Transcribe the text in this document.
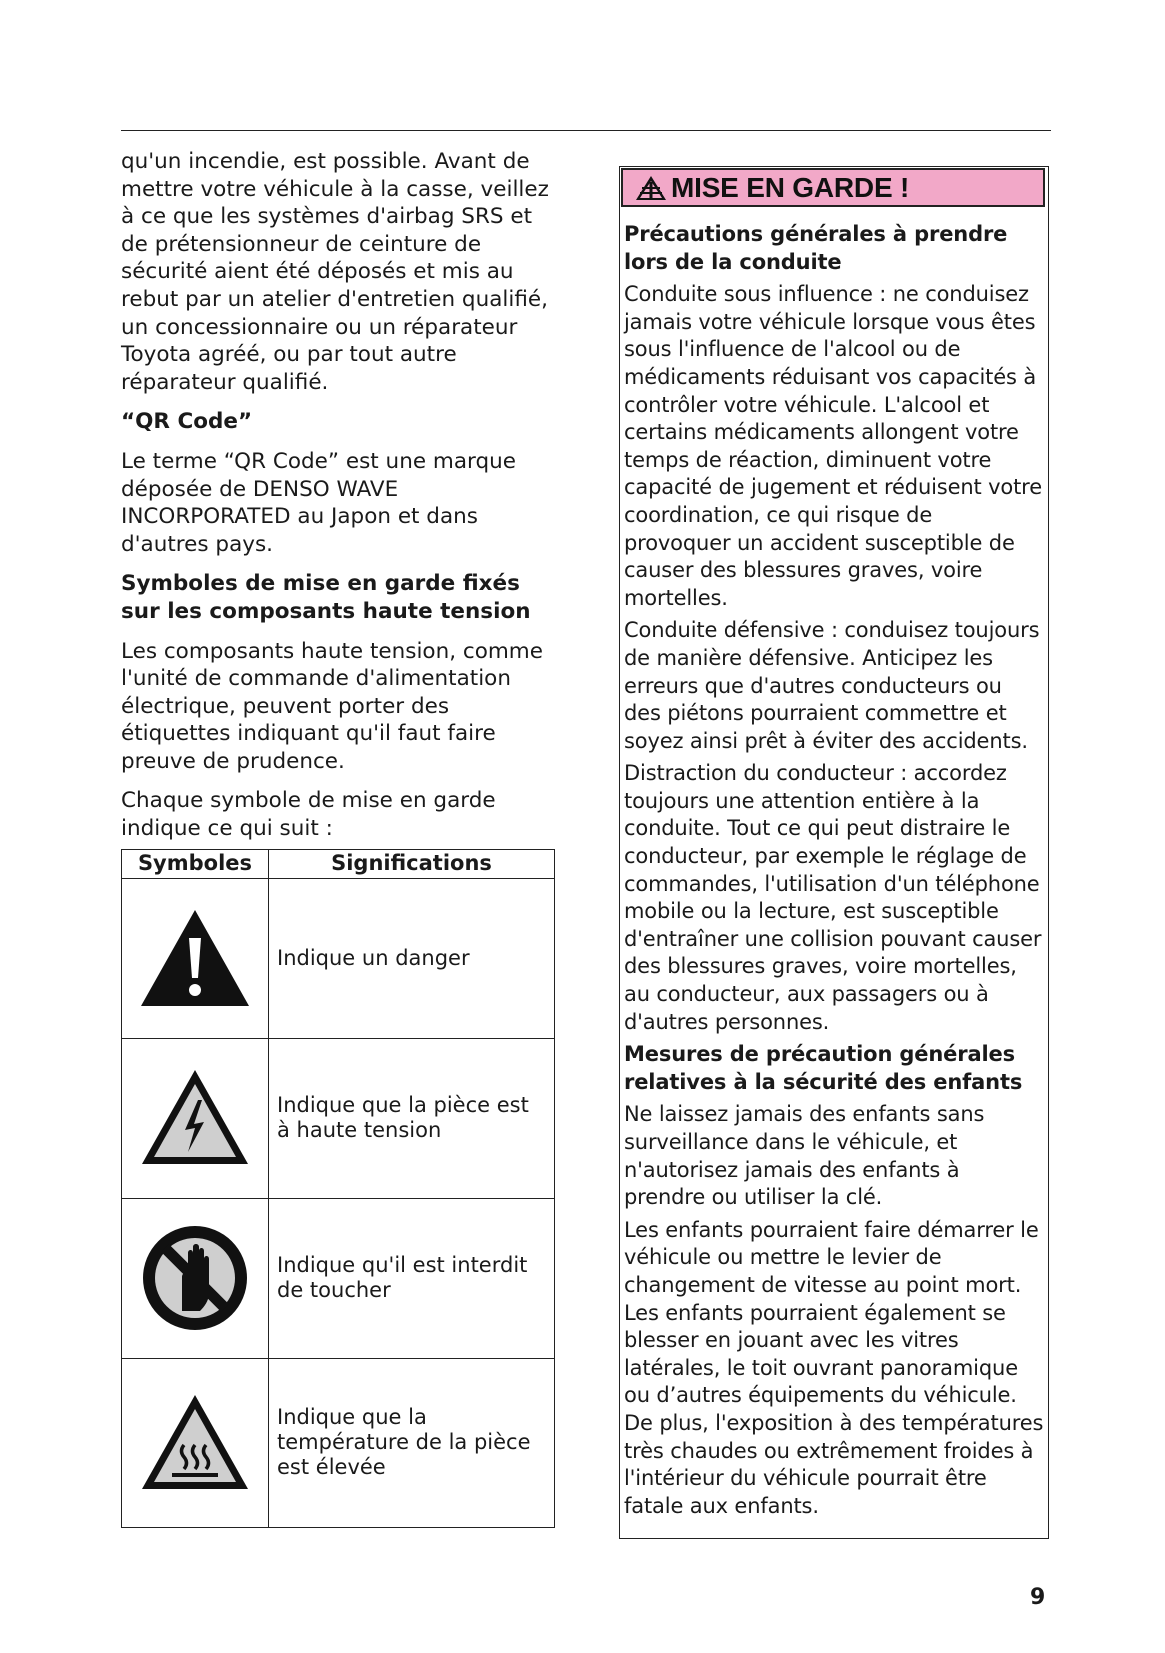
qu'un incendie, est possible. Avant de mettre votre véhicule à la casse, veillez à ce que les systèmes d'airbag SRS et de prétensionneur de ceinture de sécurité aient été déposés et mis au rebut par un atelier d'entretien qualifié, un concessionnaire ou un réparateur Toyota agréé, ou par tout autre réparateur qualifié.

“QR Code”

Le terme “QR Code” est une marque déposée de DENSO WAVE INCORPORATED au Japon et dans d'autres pays.

Symboles de mise en garde fixés sur les composants haute tension

Les composants haute tension, comme l'unité de commande d'alimentation électrique, peuvent porter des étiquettes indiquant qu'il faut faire preuve de prudence.

Chaque symbole de mise en garde indique ce qui suit :

Symboles	Significations

	Indique un danger

	Indique que la pièce est à haute tension

	Indique qu'il est interdit de toucher

	Indique que la température de la pièce est élevée
MISE EN GARDE !

Précautions générales à prendre lors de la conduite

Conduite sous influence : ne conduisez jamais votre véhicule lorsque vous êtes sous l'influence de l'alcool ou de médicaments réduisant vos capacités à contrôler votre véhicule. L'alcool et certains médicaments allongent votre temps de réaction, diminuent votre capacité de jugement et réduisent votre coordination, ce qui risque de provoquer un accident susceptible de causer des blessures graves, voire mortelles.

Conduite défensive : conduisez toujours de manière défensive. Anticipez les erreurs que d'autres conducteurs ou des piétons pourraient commettre et soyez ainsi prêt à éviter des accidents.

Distraction du conducteur : accordez toujours une attention entière à la conduite. Tout ce qui peut distraire le conducteur, par exemple le réglage de commandes, l'utilisation d'un téléphone mobile ou la lecture, est susceptible d'entraîner une collision pouvant causer des blessures graves, voire mortelles, au conducteur, aux passagers ou à d'autres personnes.

Mesures de précaution générales relatives à la sécurité des enfants

Ne laissez jamais des enfants sans surveillance dans le véhicule, et n'autorisez jamais des enfants à prendre ou utiliser la clé.

Les enfants pourraient faire démarrer le véhicule ou mettre le levier de changement de vitesse au point mort. Les enfants pourraient également se blesser en jouant avec les vitres latérales, le toit ouvrant panoramique ou d’autres équipements du véhicule. De plus, l'exposition à des températures très chaudes ou extrêmement froides à l'intérieur du véhicule pourrait être fatale aux enfants.

9
